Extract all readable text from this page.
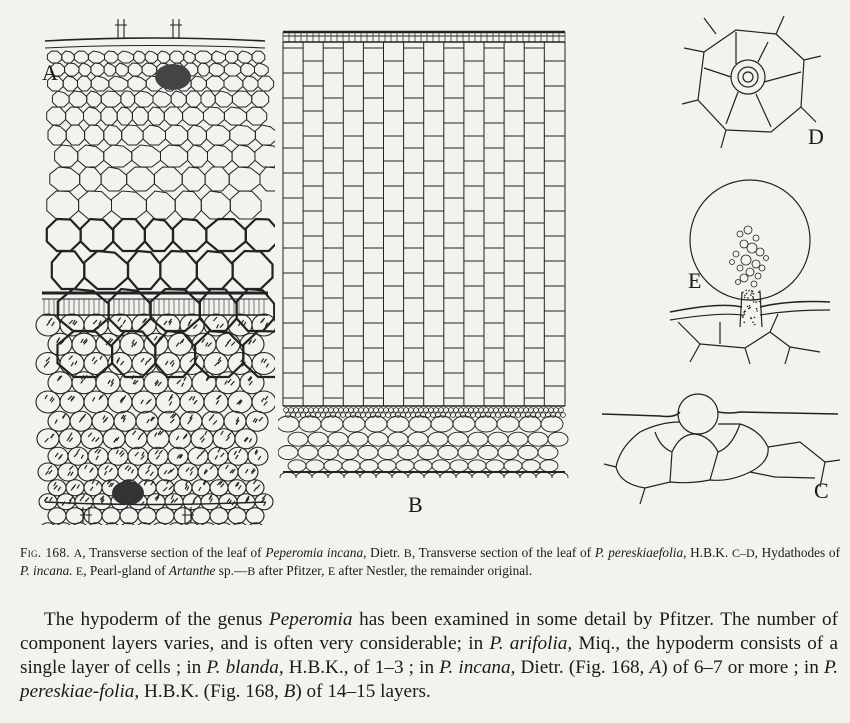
A
B
D
E
C
Fig. 168. A, Transverse section of the leaf of Peperomia incana, Dietr. B, Transverse section of the leaf of P. pereskiaefolia, H.B.K. C–D, Hydathodes of P. incana. E, Pearl-gland of Artanthe sp.—B after Pfitzer, E after Nestler, the remainder original.
The hypoderm of the genus Peperomia has been examined in some detail by Pfitzer. The number of component layers varies, and is often very considerable; in P. arifolia, Miq., the hypoderm consists of a single layer of cells ; in P. blanda, H.B.K., of 1–3 ; in P. incana, Dietr. (Fig. 168, A) of 6–7 or more ; in P. pereskiae-folia, H.B.K. (Fig. 168, B) of 14–15 layers.
